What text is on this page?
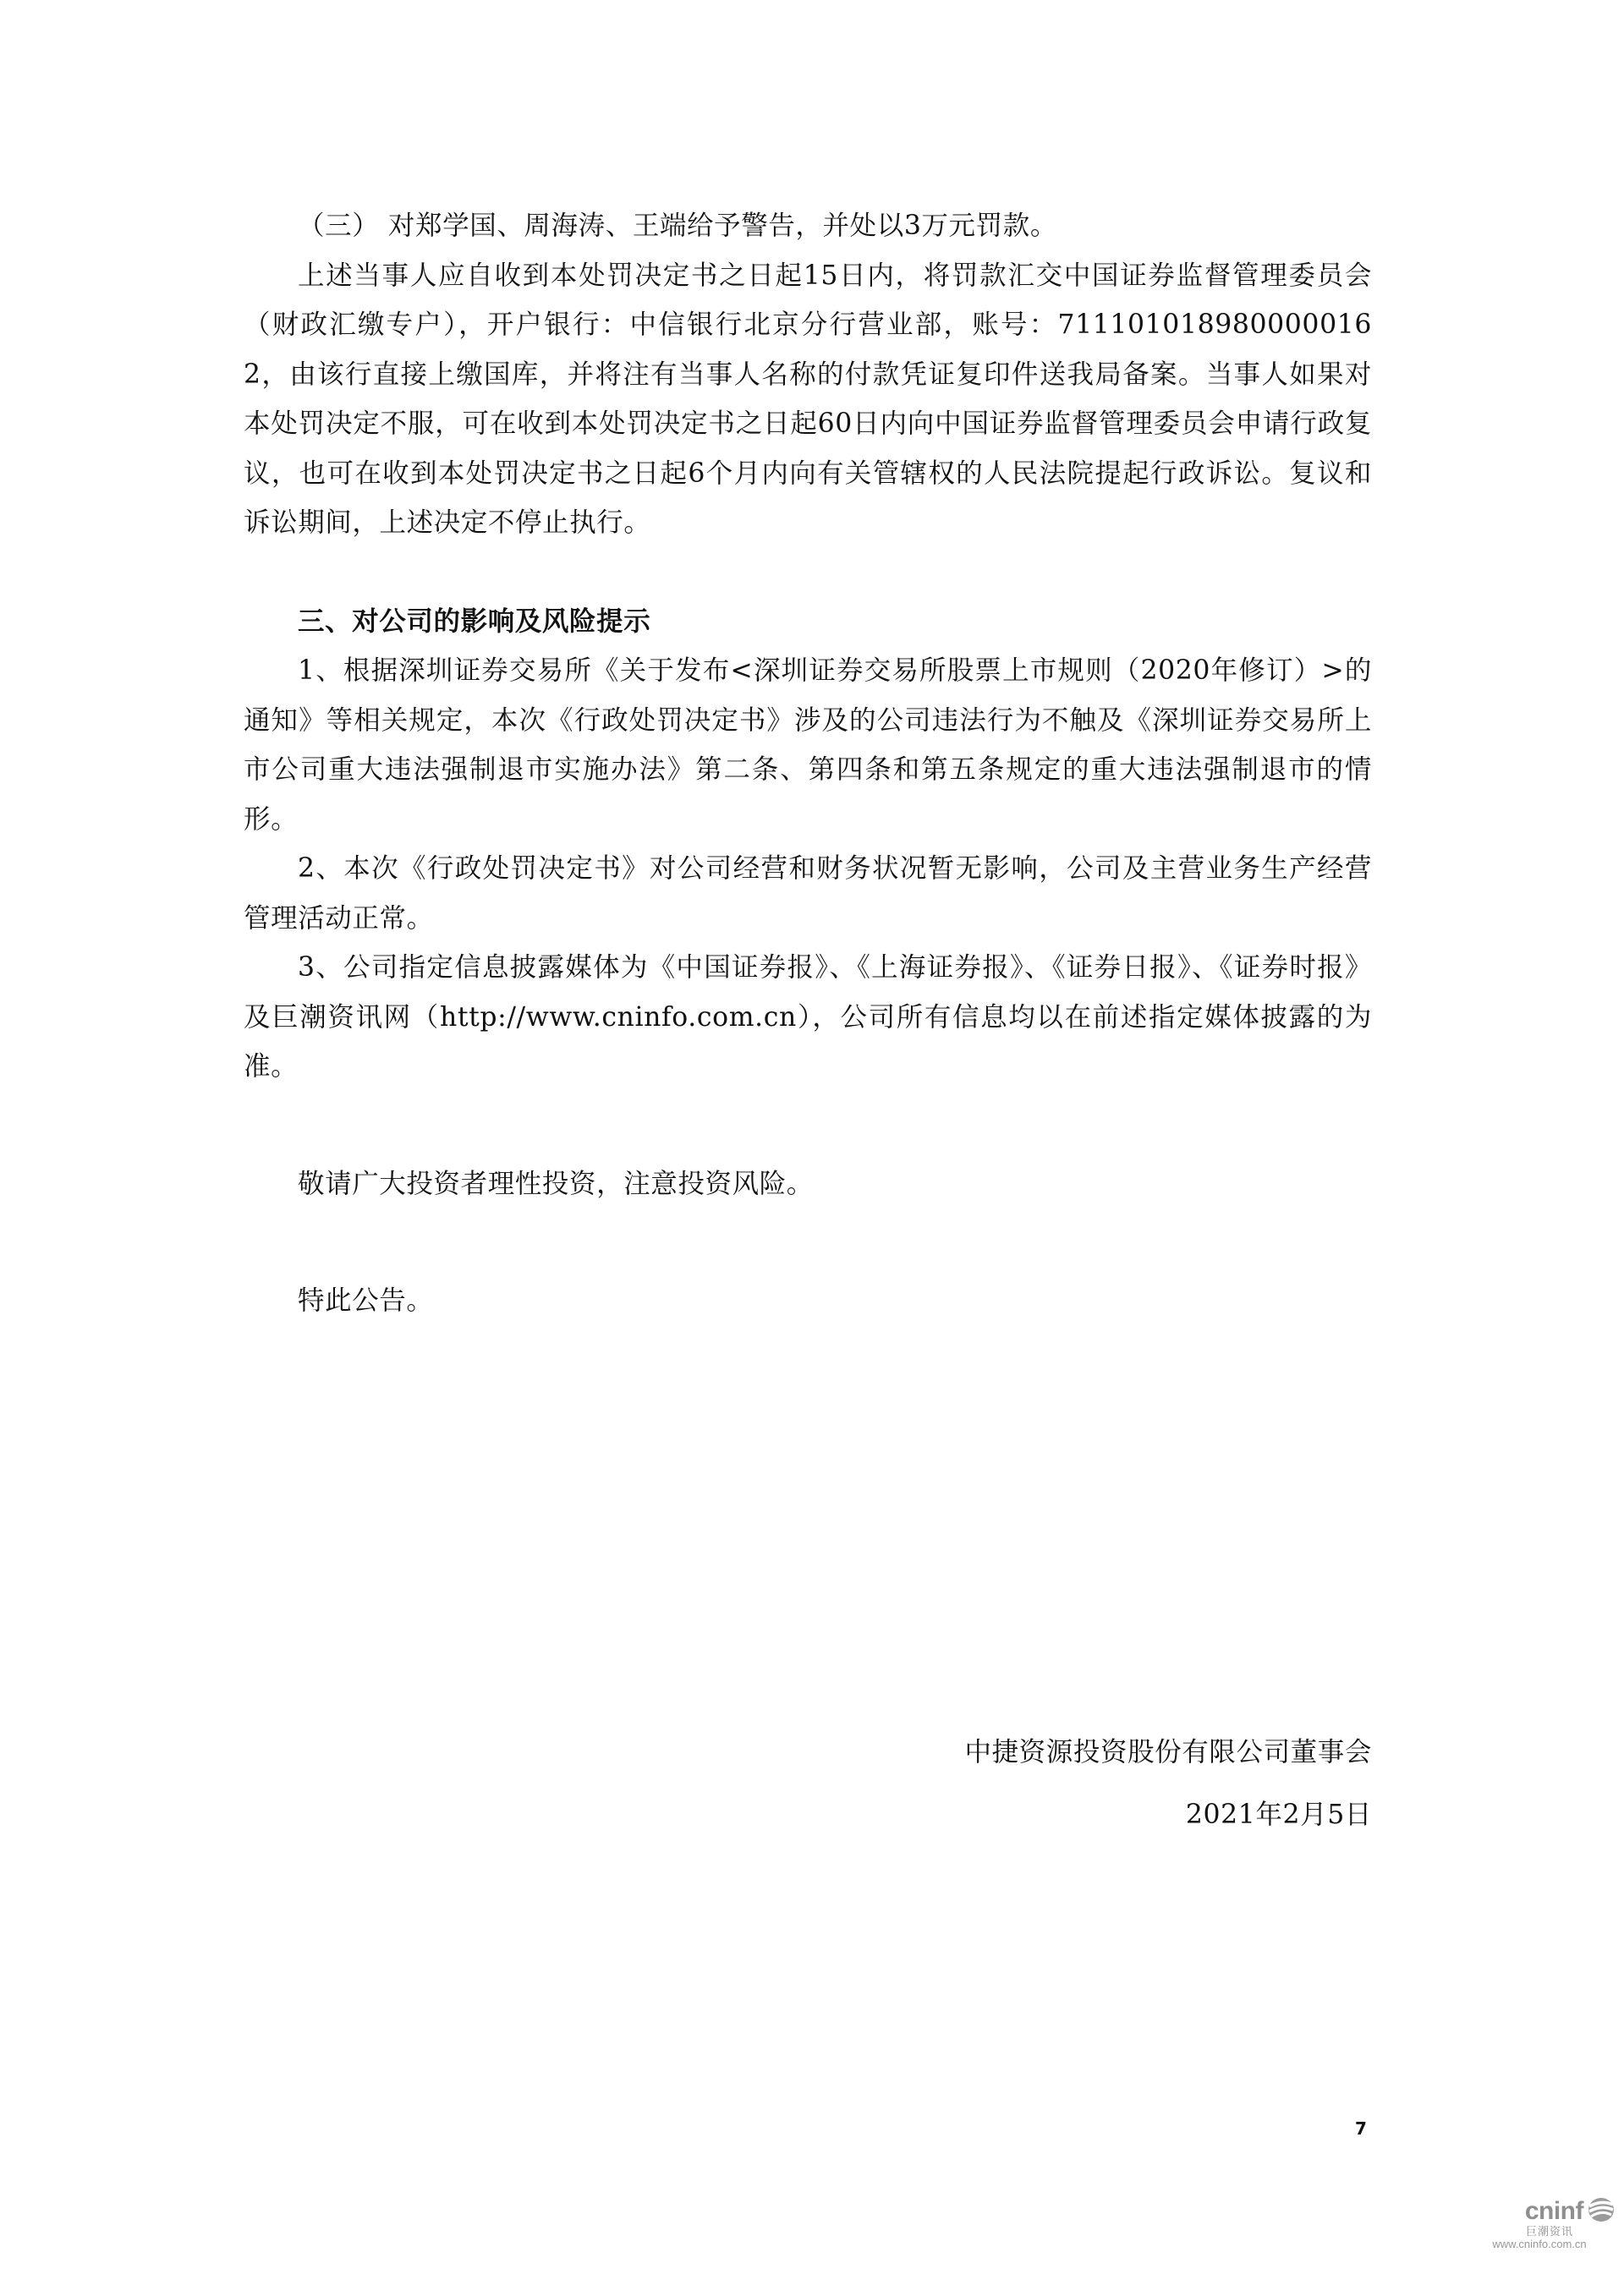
（三） 对郑学国、周海涛、王端给予警告，并处以3万元罚款。

上述当事人应自收到本处罚决定书之日起15日内，将罚款汇交中国证券监督管理委员会（财政汇缴专户），开户银行：中信银行北京分行营业部，账号：7111010189800000162，由该行直接上缴国库，并将注有当事人名称的付款凭证复印件送我局备案。当事人如果对本处罚决定不服，可在收到本处罚决定书之日起60日内向中国证券监督管理委员会申请行政复议，也可在收到本处罚决定书之日起6个月内向有关管辖权的人民法院提起行政诉讼。复议和诉讼期间，上述决定不停止执行。

三、对公司的影响及风险提示

1、根据深圳证券交易所《关于发布<深圳证券交易所股票上市规则（2020年修订）>的通知》等相关规定，本次《行政处罚决定书》涉及的公司违法行为不触及《深圳证券交易所上市公司重大违法强制退市实施办法》第二条、第四条和第五条规定的重大违法强制退市的情形。

2、本次《行政处罚决定书》对公司经营和财务状况暂无影响，公司及主营业务生产经营管理活动正常。

3、公司指定信息披露媒体为《中国证券报》、《上海证券报》、《证券日报》、《证券时报》及巨潮资讯网（http://www.cninfo.com.cn），公司所有信息均以在前述指定媒体披露的为准。

敬请广大投资者理性投资，注意投资风险。

特此公告。

中捷资源投资股份有限公司董事会
2021年2月5日
7
cninf
巨潮资讯
www.cninfo.com.cn
